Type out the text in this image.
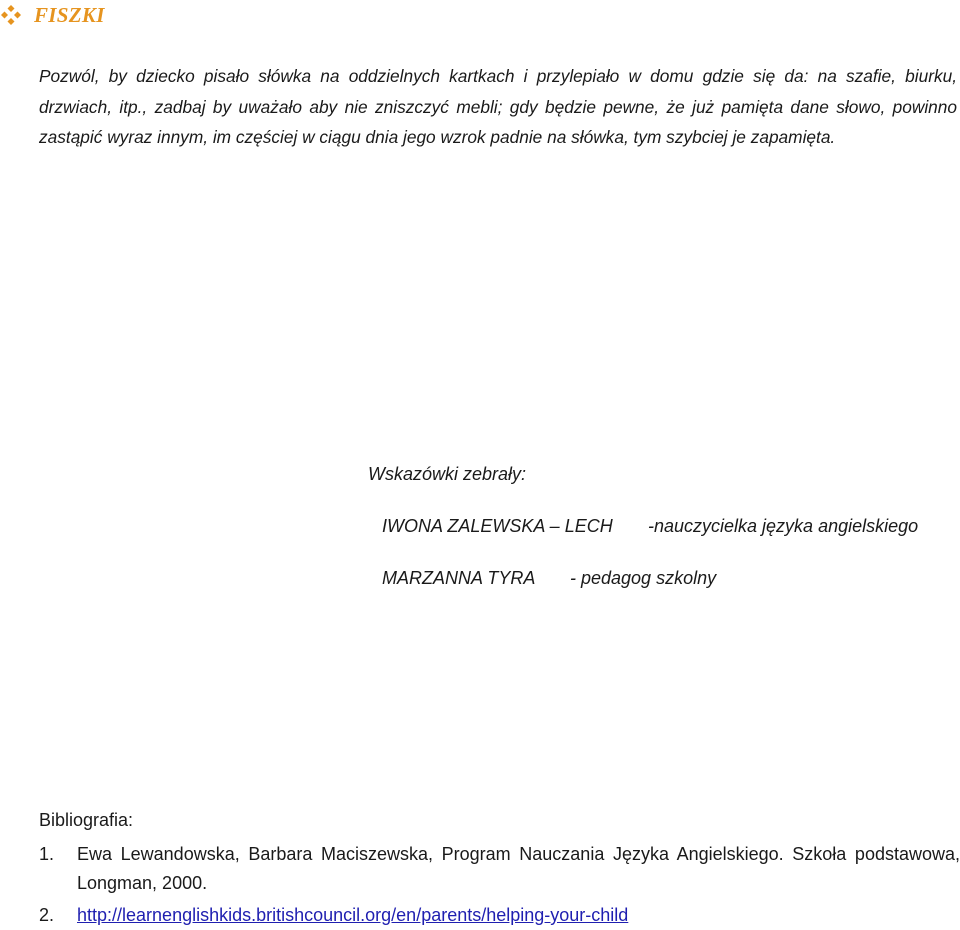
FISZKI

Pozwól, by dziecko pisało słówka na oddzielnych kartkach i przylepiało w domu gdzie się da: na szafie, biurku, drzwiach, itp., zadbaj by uważało aby nie zniszczyć mebli; gdy będzie pewne, że już pamięta dane słowo, powinno zastąpić wyraz innym, im częściej w ciągu dnia jego wzrok padnie na słówka, tym szybciej je zapamięta.

Wskazówki zebrały:

IWONA ZALEWSKA – LECH -nauczycielka języka angielskiego

MARZANNA TYRA - pedagog szkolny

Bibliografia:

1. Ewa Lewandowska, Barbara Maciszewska, Program Nauczania Języka Angielskiego. Szkoła podstawowa, Longman, 2000.
2. http://learnenglishkids.britishcouncil.org/en/parents/helping-your-child
